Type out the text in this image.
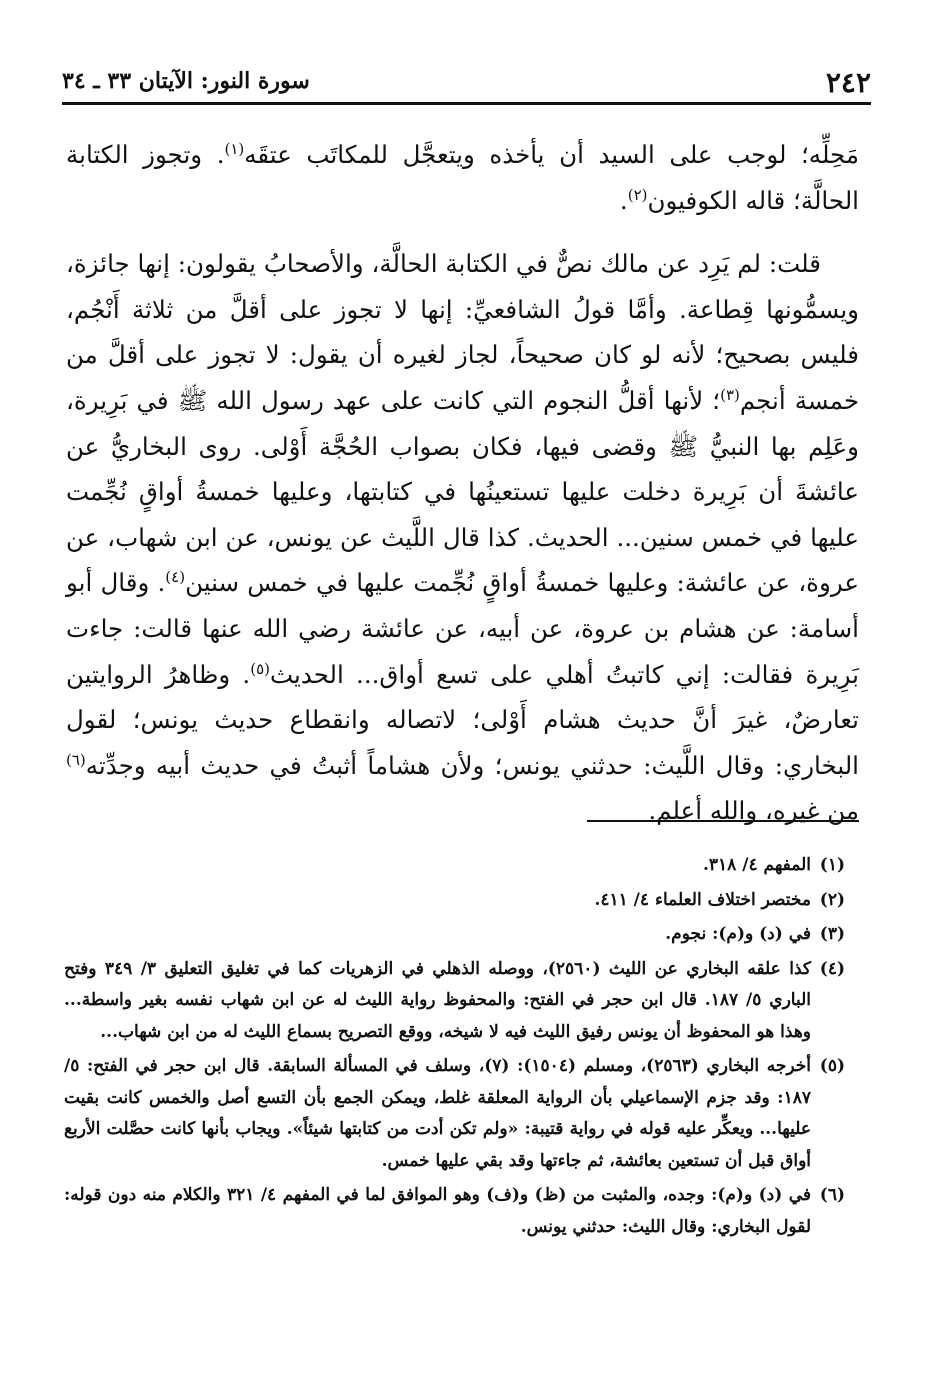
٢٤٢
سورة النور: الآيتان ٣٣ ـ ٣٤

مَحِلِّه؛ لوجب على السيد أن يأخذه ويتعجَّل للمكاتَب عتقَه$^{(١)}$. وتجوز الكتابة الحالَّة؛ قاله الكوفيون$^{(٢)}$.

قلت: لم يَرِد عن مالك نصٌّ في الكتابة الحالَّة، والأصحابُ يقولون: إنها جائزة، ويسمُّونها قِطاعة. وأمَّا قولُ الشافعيِّ: إنها لا تجوز على أقلَّ من ثلاثة أَنْجُم، فليس بصحيح؛ لأنه لو كان صحيحاً، لجاز لغيره أن يقول: لا تجوز على أقلَّ من خمسة أنجم$^{(٣)}$؛ لأنها أقلُّ النجوم التي كانت على عهد رسول الله ﷺ في بَرِيرة، وعَلِم بها النبيُّ ﷺ وقضى فيها، فكان بصواب الحُجَّة أَوْلى. روى البخاريُّ عن عائشةَ أن بَرِيرة دخلت عليها تستعينُها في كتابتها، وعليها خمسةُ أواقٍ نُجِّمت عليها في خمس سنين... الحديث. كذا قال اللَّيث عن يونس، عن ابن شهاب، عن عروة، عن عائشة: وعليها خمسةُ أواقٍ نُجِّمت عليها في خمس سنين$^{(٤)}$. وقال أبو أسامة: عن هشام بن عروة، عن أبيه، عن عائشة رضي الله عنها قالت: جاءت بَرِيرة فقالت: إني كاتبتُ أهلي على تسع أواق... الحديث$^{(٥)}$. وظاهرُ الروايتين تعارضٌ، غيرَ أنَّ حديث هشام أَوْلى؛ لاتصاله وانقطاع حديث يونس؛ لقول البخاري: وقال اللَّيث: حدثني يونس؛ ولأن هشاماً أثبتُ في حديث أبيه وجدِّته$^{(٦)}$ من غيره، والله أعلم.

(١)
المفهم ٤/ ٣١٨.
(٢)
مختصر اختلاف العلماء ٤/ ٤١١.
(٣)
في (د) و(م): نجوم.
(٤)
كذا علقه البخاري عن الليث (٢٥٦٠)، ووصله الذهلي في الزهريات كما في تغليق التعليق ٣/ ٣٤٩ وفتح الباري ٥/ ١٨٧. قال ابن حجر في الفتح: والمحفوظ رواية الليث له عن ابن شهاب نفسه بغير واسطة... وهذا هو المحفوظ أن يونس رفيق الليث فيه لا شيخه، ووقع التصريح بسماع الليث له من ابن شهاب...
(٥)
أخرجه البخاري (٢٥٦٣)، ومسلم (١٥٠٤): (٧)، وسلف في المسألة السابقة. قال ابن حجر في الفتح: ٥/ ١٨٧: وقد جزم الإسماعيلي بأن الرواية المعلقة غلط، ويمكن الجمع بأن التسع أصل والخمس كانت بقيت عليها... ويعكِّر عليه قوله في رواية قتيبة: «ولم تكن أدت من كتابتها شيئاً». ويجاب بأنها كانت حصَّلت الأربع أواق قبل أن تستعين بعائشة، ثم جاءتها وقد بقي عليها خمس.
(٦)
في (د) و(م): وجده، والمثبت من (ظ) و(ف) وهو الموافق لما في المفهم ٤/ ٣٢١ والكلام منه دون قوله: لقول البخاري: وقال الليث: حدثني يونس.
